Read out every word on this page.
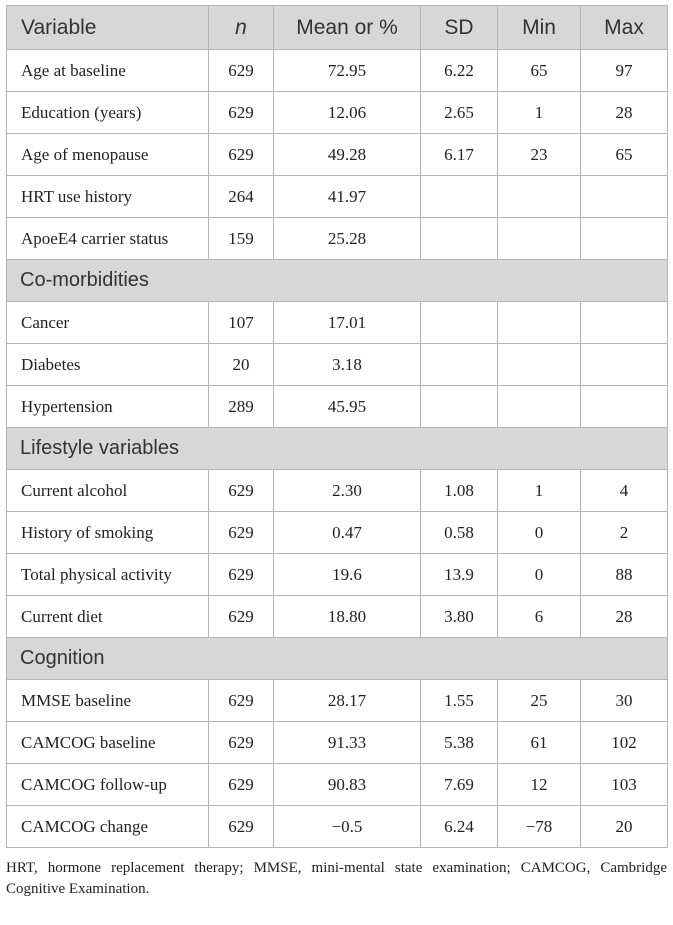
Variable	n	Mean or %	SD	Min	Max
Age at baseline	629	72.95	6.22	65	97
Education (years)	629	12.06	2.65	1	28
Age of menopause	629	49.28	6.17	23	65
HRT use history	264	41.97			
ApoeE4 carrier status	159	25.28			
Co-morbidities					
Cancer	107	17.01			
Diabetes	20	3.18			
Hypertension	289	45.95			
Lifestyle variables					
Current alcohol	629	2.30	1.08	1	4
History of smoking	629	0.47	0.58	0	2
Total physical activity	629	19.6	13.9	0	88
Current diet	629	18.80	3.80	6	28
Cognition					
MMSE baseline	629	28.17	1.55	25	30
CAMCOG baseline	629	91.33	5.38	61	102
CAMCOG follow-up	629	90.83	7.69	12	103
CAMCOG change	629	−0.5	6.24	−78	20
HRT, hormone replacement therapy; MMSE, mini-mental state examination; CAMCOG, Cambridge Cognitive Examination.
